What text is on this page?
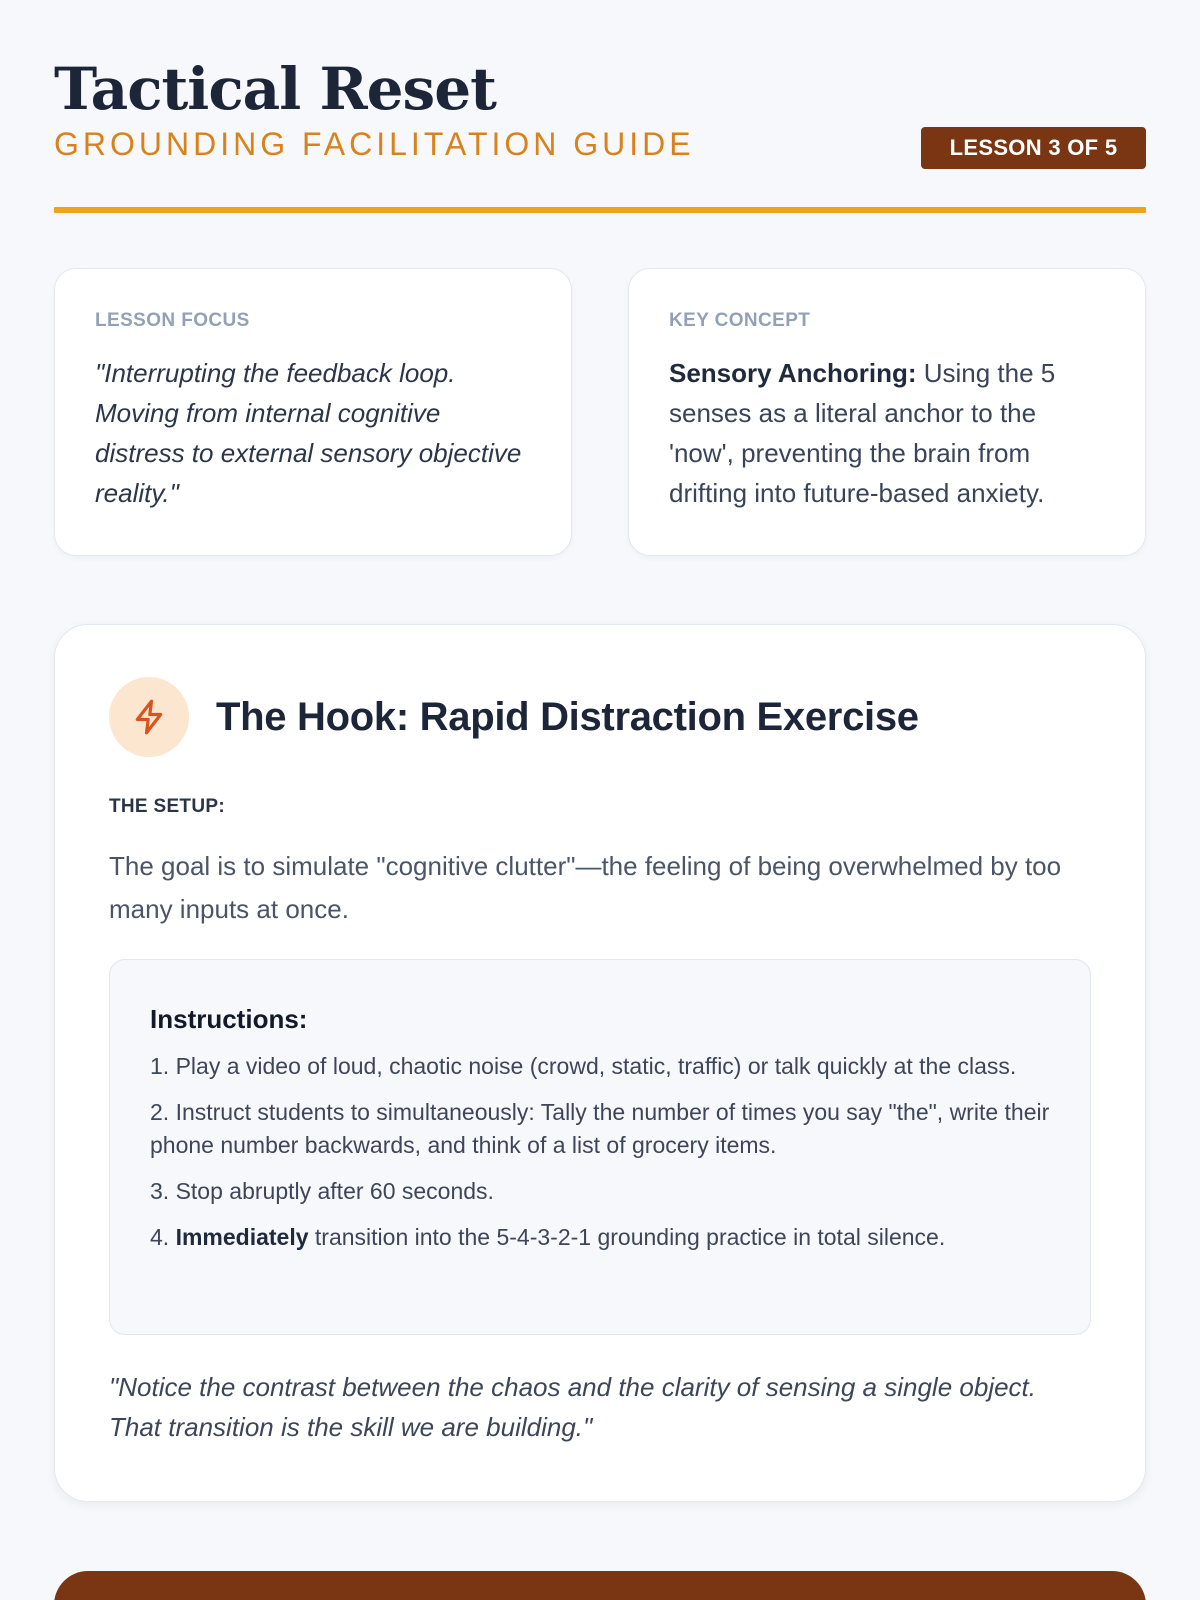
Tactical Reset
GROUNDING FACILITATION GUIDE	LESSON 3 OF 5
LESSON FOCUS
"Interrupting the feedback loop. Moving from internal cognitive distress to external sensory objective reality."
KEY CONCEPT
Sensory Anchoring: Using the 5 senses as a literal anchor to the 'now', preventing the brain from drifting into future-based anxiety.
The Hook: Rapid Distraction Exercise
THE SETUP:

The goal is to simulate "cognitive clutter"—the feeling of being overwhelmed by too many inputs at once.

Instructions:
1. Play a video of loud, chaotic noise (crowd, static, traffic) or talk quickly at the class.
2. Instruct students to simultaneously: Tally the number of times you say "the", write their phone number backwards, and think of a list of grocery items.
3. Stop abruptly after 60 seconds.
4. Immediately transition into the 5-4-3-2-1 grounding practice in total silence.

"Notice the contrast between the chaos and the clarity of sensing a single object. That transition is the skill we are building."
